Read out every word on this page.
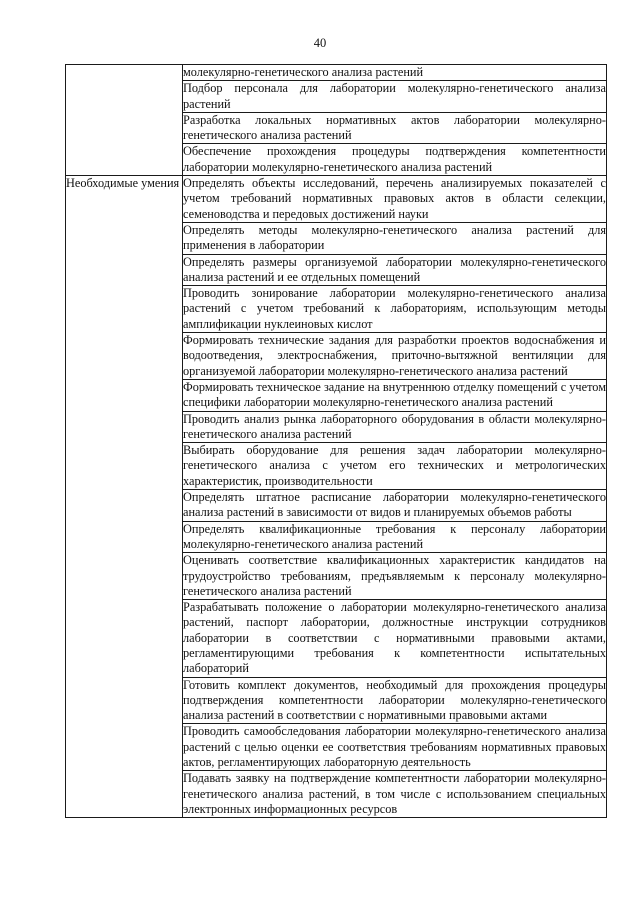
40
	молекулярно-генетического анализа растений
	Подбор персонала для лаборатории молекулярно-генетического анализа растений
	Разработка локальных нормативных актов лаборатории молекулярно-генетического анализа растений
	Обеспечение прохождения процедуры подтверждения компетентности лаборатории молекулярно-генетического анализа растений
Необходимые умения	Определять объекты исследований, перечень анализируемых показателей с учетом требований нормативных правовых актов в области селекции, семеноводства и передовых достижений науки
	Определять методы молекулярно-генетического анализа растений для применения в лаборатории
	Определять размеры организуемой лаборатории молекулярно-генетического анализа растений и ее отдельных помещений
	Проводить зонирование лаборатории молекулярно-генетического анализа растений с учетом требований к лабораториям, использующим методы амплификации нуклеиновых кислот
	Формировать технические задания для разработки проектов водоснабжения и водоотведения, электроснабжения, приточно-вытяжной вентиляции для организуемой лаборатории молекулярно-генетического анализа растений
	Формировать техническое задание на внутреннюю отделку помещений с учетом специфики лаборатории молекулярно-генетического анализа растений
	Проводить анализ рынка лабораторного оборудования в области молекулярно-генетического анализа растений
	Выбирать оборудование для решения задач лаборатории молекулярно-генетического анализа с учетом его технических и метрологических характеристик, производительности
	Определять штатное расписание лаборатории молекулярно-генетического анализа растений в зависимости от видов и планируемых объемов работы
	Определять квалификационные требования к персоналу лаборатории молекулярно-генетического анализа растений
	Оценивать соответствие квалификационных характеристик кандидатов на трудоустройство требованиям, предъявляемым к персоналу молекулярно-генетического анализа растений
	Разрабатывать положение о лаборатории молекулярно-генетического анализа растений, паспорт лаборатории, должностные инструкции сотрудников лаборатории в соответствии с нормативными правовыми актами, регламентирующими требования к компетентности испытательных лабораторий
	Готовить комплект документов, необходимый для прохождения процедуры подтверждения компетентности лаборатории молекулярно-генетического анализа растений в соответствии с нормативными правовыми актами
	Проводить самообследования лаборатории молекулярно-генетического анализа растений с целью оценки ее соответствия требованиям нормативных правовых актов, регламентирующих лабораторную деятельность
	Подавать заявку на подтверждение компетентности лаборатории молекулярно-генетического анализа растений, в том числе с использованием специальных электронных информационных ресурсов
